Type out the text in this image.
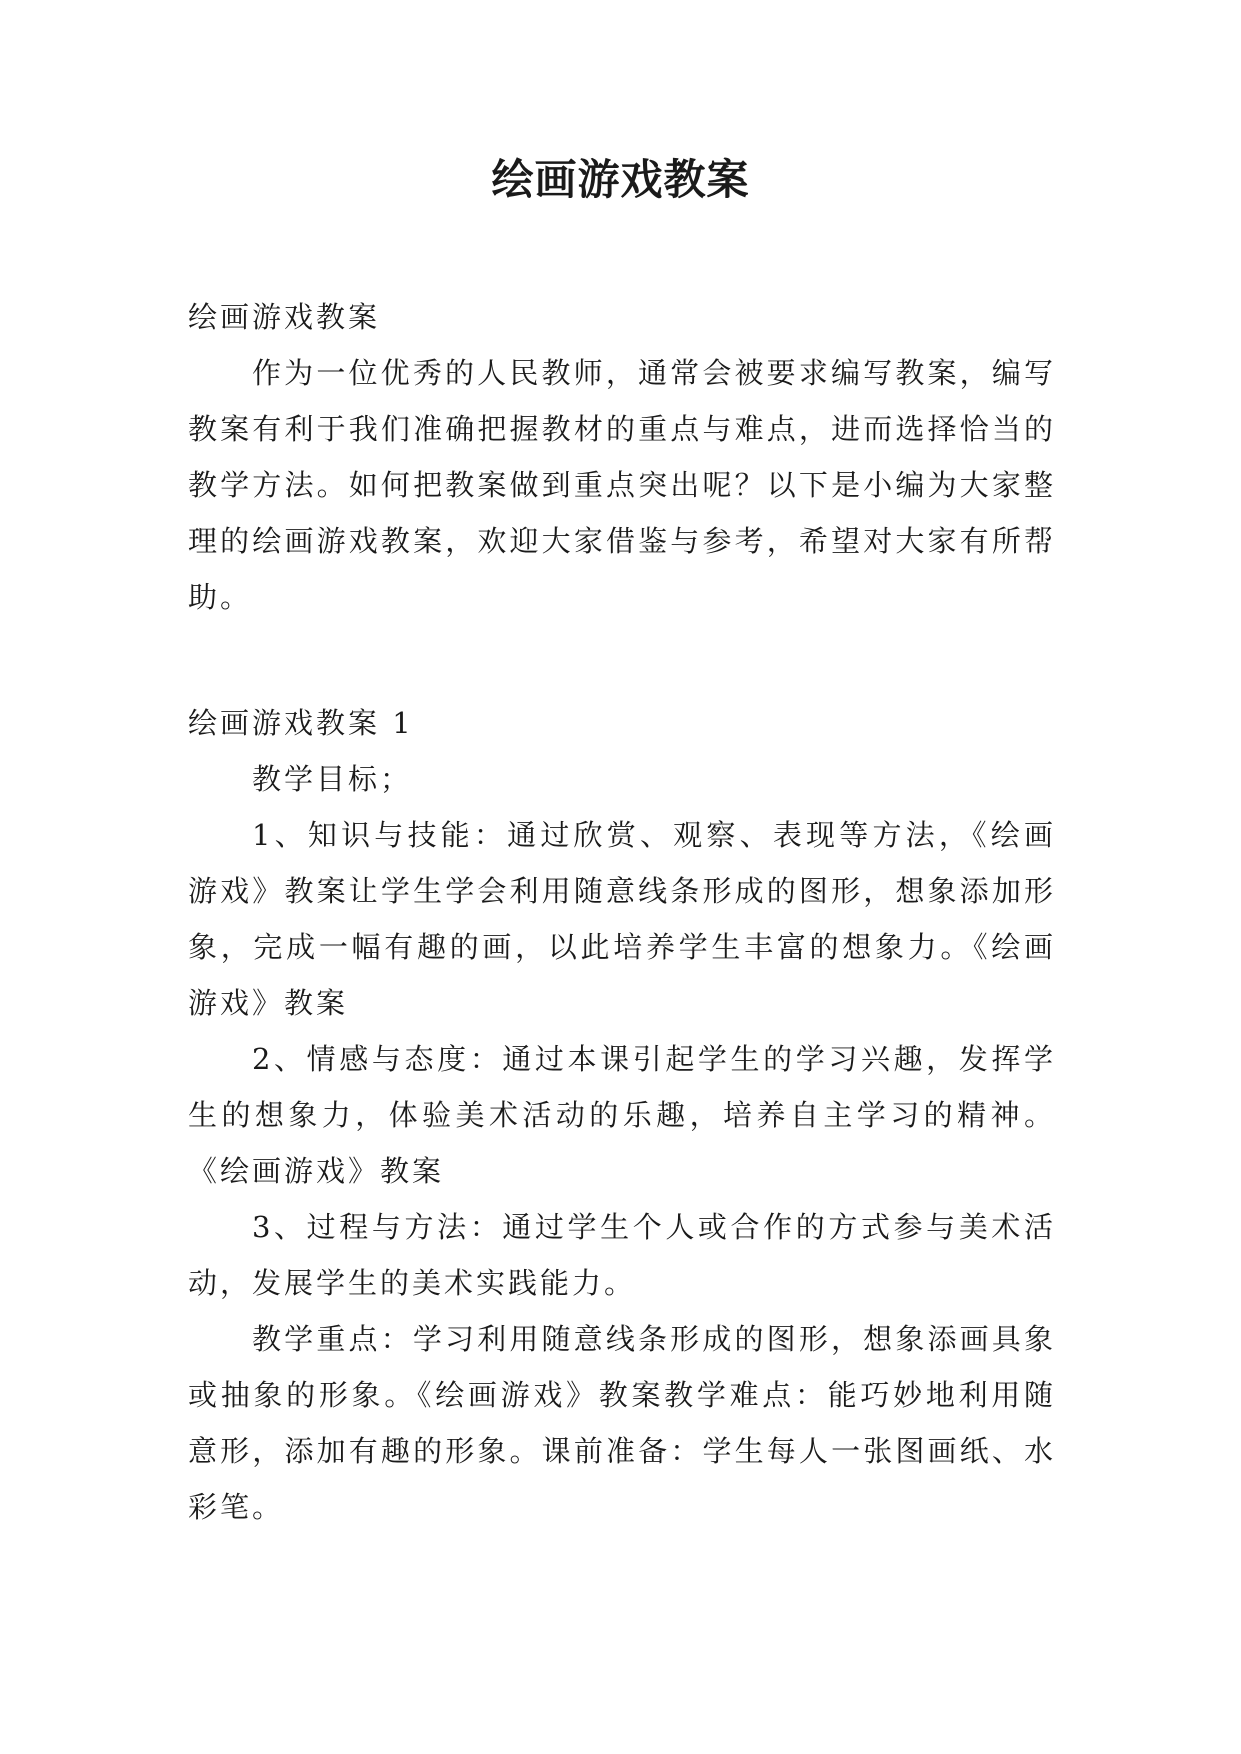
绘画游戏教案

绘画游戏教案

作为一位优秀的人民教师，通常会被要求编写教案，编写教案有利于我们准确把握教材的重点与难点，进而选择恰当的教学方法。如何把教案做到重点突出呢？以下是小编为大家整理的绘画游戏教案，欢迎大家借鉴与参考，希望对大家有所帮助。

绘画游戏教案 1

教学目标；

1、知识与技能：通过欣赏、观察、表现等方法，《绘画游戏》教案让学生学会利用随意线条形成的图形，想象添加形象，完成一幅有趣的画，以此培养学生丰富的想象力。《绘画游戏》教案

2、情感与态度：通过本课引起学生的学习兴趣，发挥学生的想象力，体验美术活动的乐趣，培养自主学习的精神。《绘画游戏》教案

3、过程与方法：通过学生个人或合作的方式参与美术活动，发展学生的美术实践能力。

教学重点：学习利用随意线条形成的图形，想象添画具象或抽象的形象。《绘画游戏》教案教学难点：能巧妙地利用随意形，添加有趣的形象。课前准备：学生每人一张图画纸、水彩笔。
